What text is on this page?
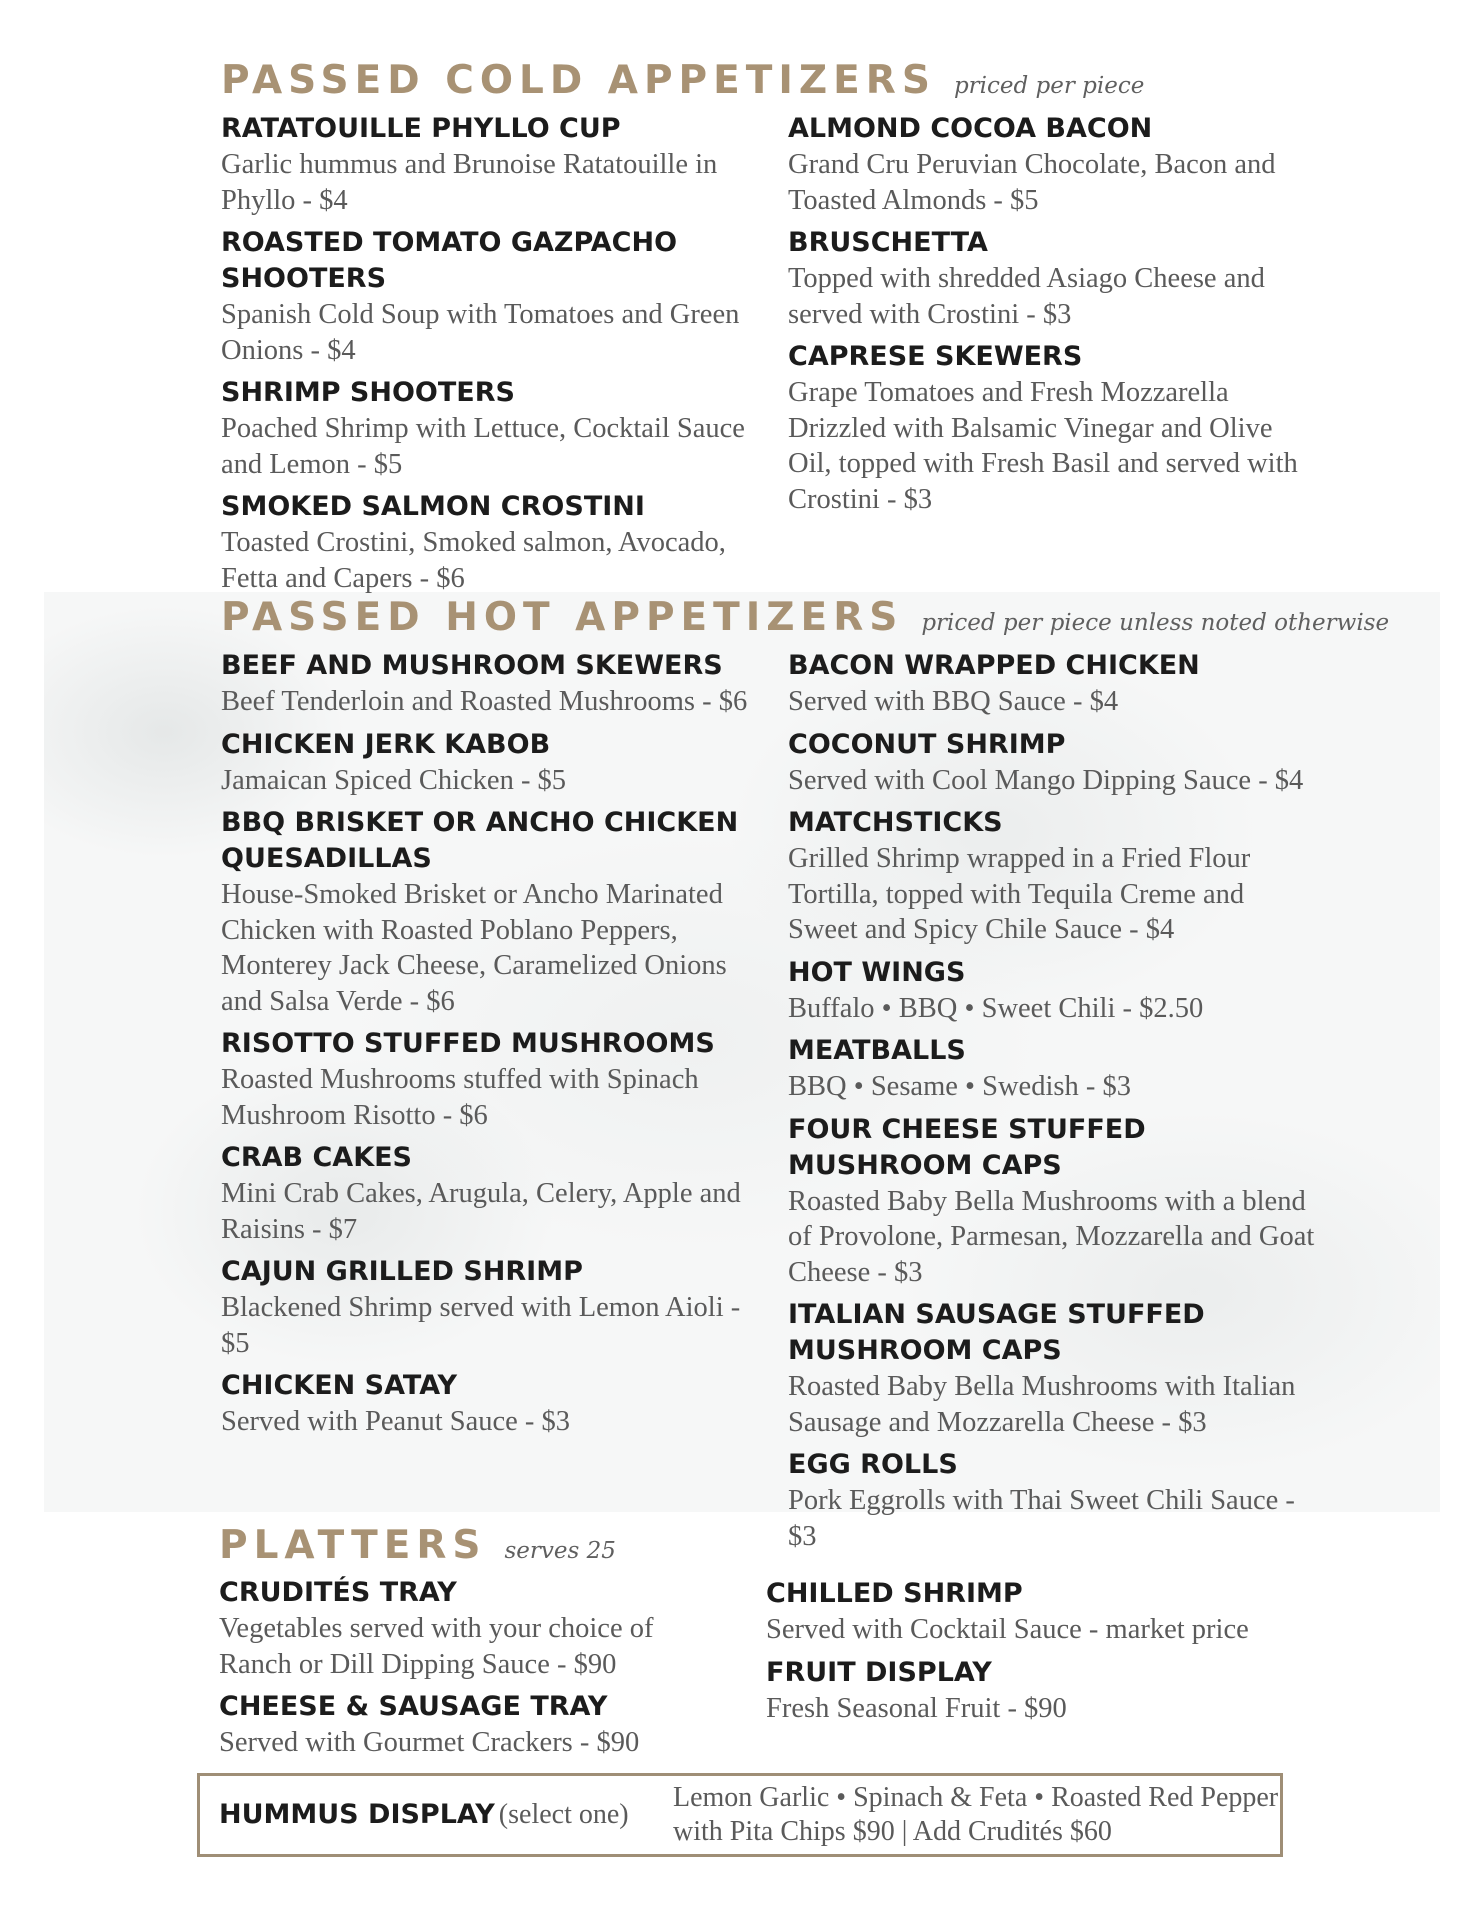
PASSED COLD APPETIZERS priced per piece
RATATOUILLE PHYLLO CUP
Garlic hummus and Brunoise Ratatouille in Phyllo - $4
ROASTED TOMATO GAZPACHO SHOOTERS
Spanish Cold Soup with Tomatoes and Green Onions - $4
SHRIMP SHOOTERS
Poached Shrimp with Lettuce, Cocktail Sauce and Lemon - $5
SMOKED SALMON CROSTINI
Toasted Crostini, Smoked salmon, Avocado, Fetta and Capers - $6
ALMOND COCOA BACON
Grand Cru Peruvian Chocolate, Bacon and Toasted Almonds - $5
BRUSCHETTA
Topped with shredded Asiago Cheese and served with Crostini - $3
CAPRESE SKEWERS
Grape Tomatoes and Fresh Mozzarella Drizzled with Balsamic Vinegar and Olive Oil, topped with Fresh Basil and served with Crostini - $3
PASSED HOT APPETIZERS priced per piece unless noted otherwise
BEEF AND MUSHROOM SKEWERS
Beef Tenderloin and Roasted Mushrooms - $6
CHICKEN JERK KABOB
Jamaican Spiced Chicken - $5
BBQ BRISKET OR ANCHO CHICKEN QUESADILLAS
House-Smoked Brisket or Ancho Marinated Chicken with Roasted Poblano Peppers, Monterey Jack Cheese, Caramelized Onions and Salsa Verde - $6
RISOTTO STUFFED MUSHROOMS
Roasted Mushrooms stuffed with Spinach Mushroom Risotto - $6
CRAB CAKES
Mini Crab Cakes, Arugula, Celery, Apple and Raisins - $7
CAJUN GRILLED SHRIMP
Blackened Shrimp served with Lemon Aioli - $5
CHICKEN SATAY
Served with Peanut Sauce - $3
BACON WRAPPED CHICKEN
Served with BBQ Sauce - $4
COCONUT SHRIMP
Served with Cool Mango Dipping Sauce - $4
MATCHSTICKS
Grilled Shrimp wrapped in a Fried Flour Tortilla, topped with Tequila Creme and Sweet and Spicy Chile Sauce - $4
HOT WINGS
Buffalo • BBQ • Sweet Chili - $2.50
MEATBALLS
BBQ • Sesame • Swedish - $3
FOUR CHEESE STUFFED MUSHROOM CAPS
Roasted Baby Bella Mushrooms with a blend of Provolone, Parmesan, Mozzarella and Goat Cheese - $3
ITALIAN SAUSAGE STUFFED MUSHROOM CAPS
Roasted Baby Bella Mushrooms with Italian Sausage and Mozzarella Cheese - $3
EGG ROLLS
Pork Eggrolls with Thai Sweet Chili Sauce - $3
PLATTERS serves 25
CRUDITÉS TRAY
Vegetables served with your choice of Ranch or Dill Dipping Sauce - $90
CHEESE & SAUSAGE TRAY
Served with Gourmet Crackers - $90
CHILLED SHRIMP
Served with Cocktail Sauce - market price
FRUIT DISPLAY
Fresh Seasonal Fruit - $90
HUMMUS DISPLAY (select one)
Lemon Garlic • Spinach & Feta • Roasted Red Pepper
with Pita Chips $90 | Add Crudités $60
